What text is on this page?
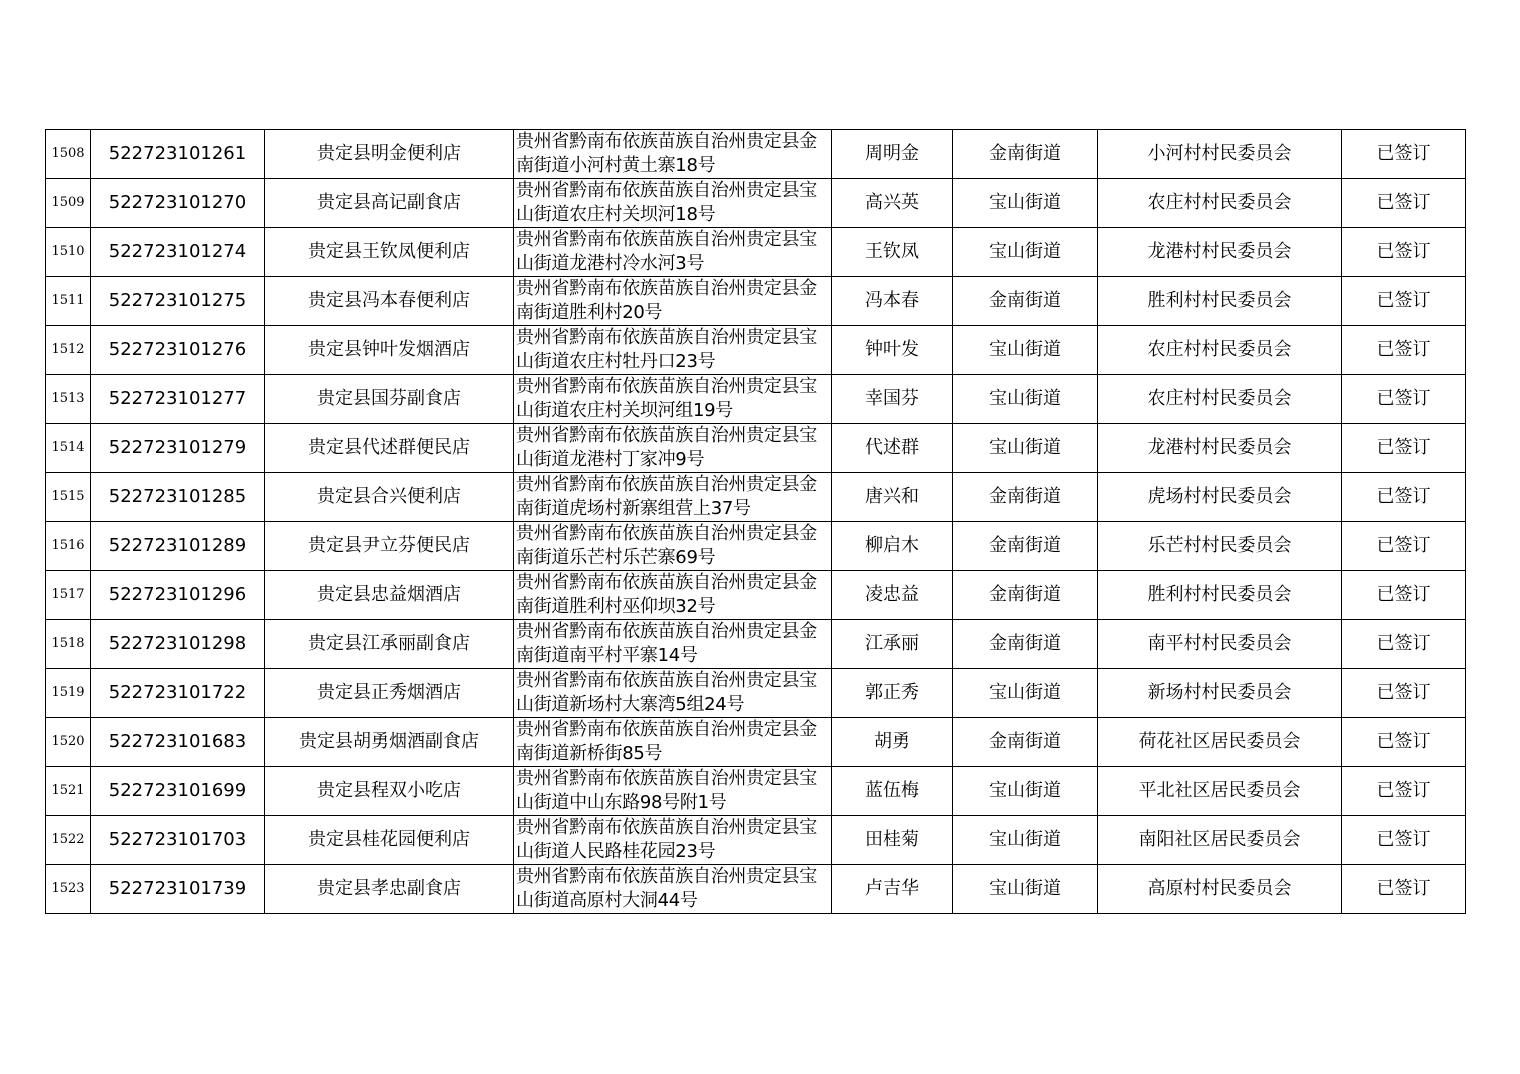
1508	522723101261	贵定县明金便利店	贵州省黔南布依族苗族自治州贵定县金南街道小河村黄土寨18号	周明金	金南街道	小河村村民委员会	已签订
1509	522723101270	贵定县高记副食店	贵州省黔南布依族苗族自治州贵定县宝山街道农庄村关坝河18号	高兴英	宝山街道	农庄村村民委员会	已签订
1510	522723101274	贵定县王钦凤便利店	贵州省黔南布依族苗族自治州贵定县宝山街道龙港村冷水河3号	王钦凤	宝山街道	龙港村村民委员会	已签订
1511	522723101275	贵定县冯本春便利店	贵州省黔南布依族苗族自治州贵定县金南街道胜利村20号	冯本春	金南街道	胜利村村民委员会	已签订
1512	522723101276	贵定县钟叶发烟酒店	贵州省黔南布依族苗族自治州贵定县宝山街道农庄村牡丹口23号	钟叶发	宝山街道	农庄村村民委员会	已签订
1513	522723101277	贵定县国芬副食店	贵州省黔南布依族苗族自治州贵定县宝山街道农庄村关坝河组19号	幸国芬	宝山街道	农庄村村民委员会	已签订
1514	522723101279	贵定县代述群便民店	贵州省黔南布依族苗族自治州贵定县宝山街道龙港村丁家冲9号	代述群	宝山街道	龙港村村民委员会	已签订
1515	522723101285	贵定县合兴便利店	贵州省黔南布依族苗族自治州贵定县金南街道虎场村新寨组营上37号	唐兴和	金南街道	虎场村村民委员会	已签订
1516	522723101289	贵定县尹立芬便民店	贵州省黔南布依族苗族自治州贵定县金南街道乐芒村乐芒寨69号	柳启木	金南街道	乐芒村村民委员会	已签订
1517	522723101296	贵定县忠益烟酒店	贵州省黔南布依族苗族自治州贵定县金南街道胜利村巫仰坝32号	凌忠益	金南街道	胜利村村民委员会	已签订
1518	522723101298	贵定县江承丽副食店	贵州省黔南布依族苗族自治州贵定县金南街道南平村平寨14号	江承丽	金南街道	南平村村民委员会	已签订
1519	522723101722	贵定县正秀烟酒店	贵州省黔南布依族苗族自治州贵定县宝山街道新场村大寨湾5组24号	郭正秀	宝山街道	新场村村民委员会	已签订
1520	522723101683	贵定县胡勇烟酒副食店	贵州省黔南布依族苗族自治州贵定县金南街道新桥街85号	胡勇	金南街道	荷花社区居民委员会	已签订
1521	522723101699	贵定县程双小吃店	贵州省黔南布依族苗族自治州贵定县宝山街道中山东路98号附1号	蓝伍梅	宝山街道	平北社区居民委员会	已签订
1522	522723101703	贵定县桂花园便利店	贵州省黔南布依族苗族自治州贵定县宝山街道人民路桂花园23号	田桂菊	宝山街道	南阳社区居民委员会	已签订
1523	522723101739	贵定县孝忠副食店	贵州省黔南布依族苗族自治州贵定县宝山街道高原村大洞44号	卢吉华	宝山街道	高原村村民委员会	已签订
